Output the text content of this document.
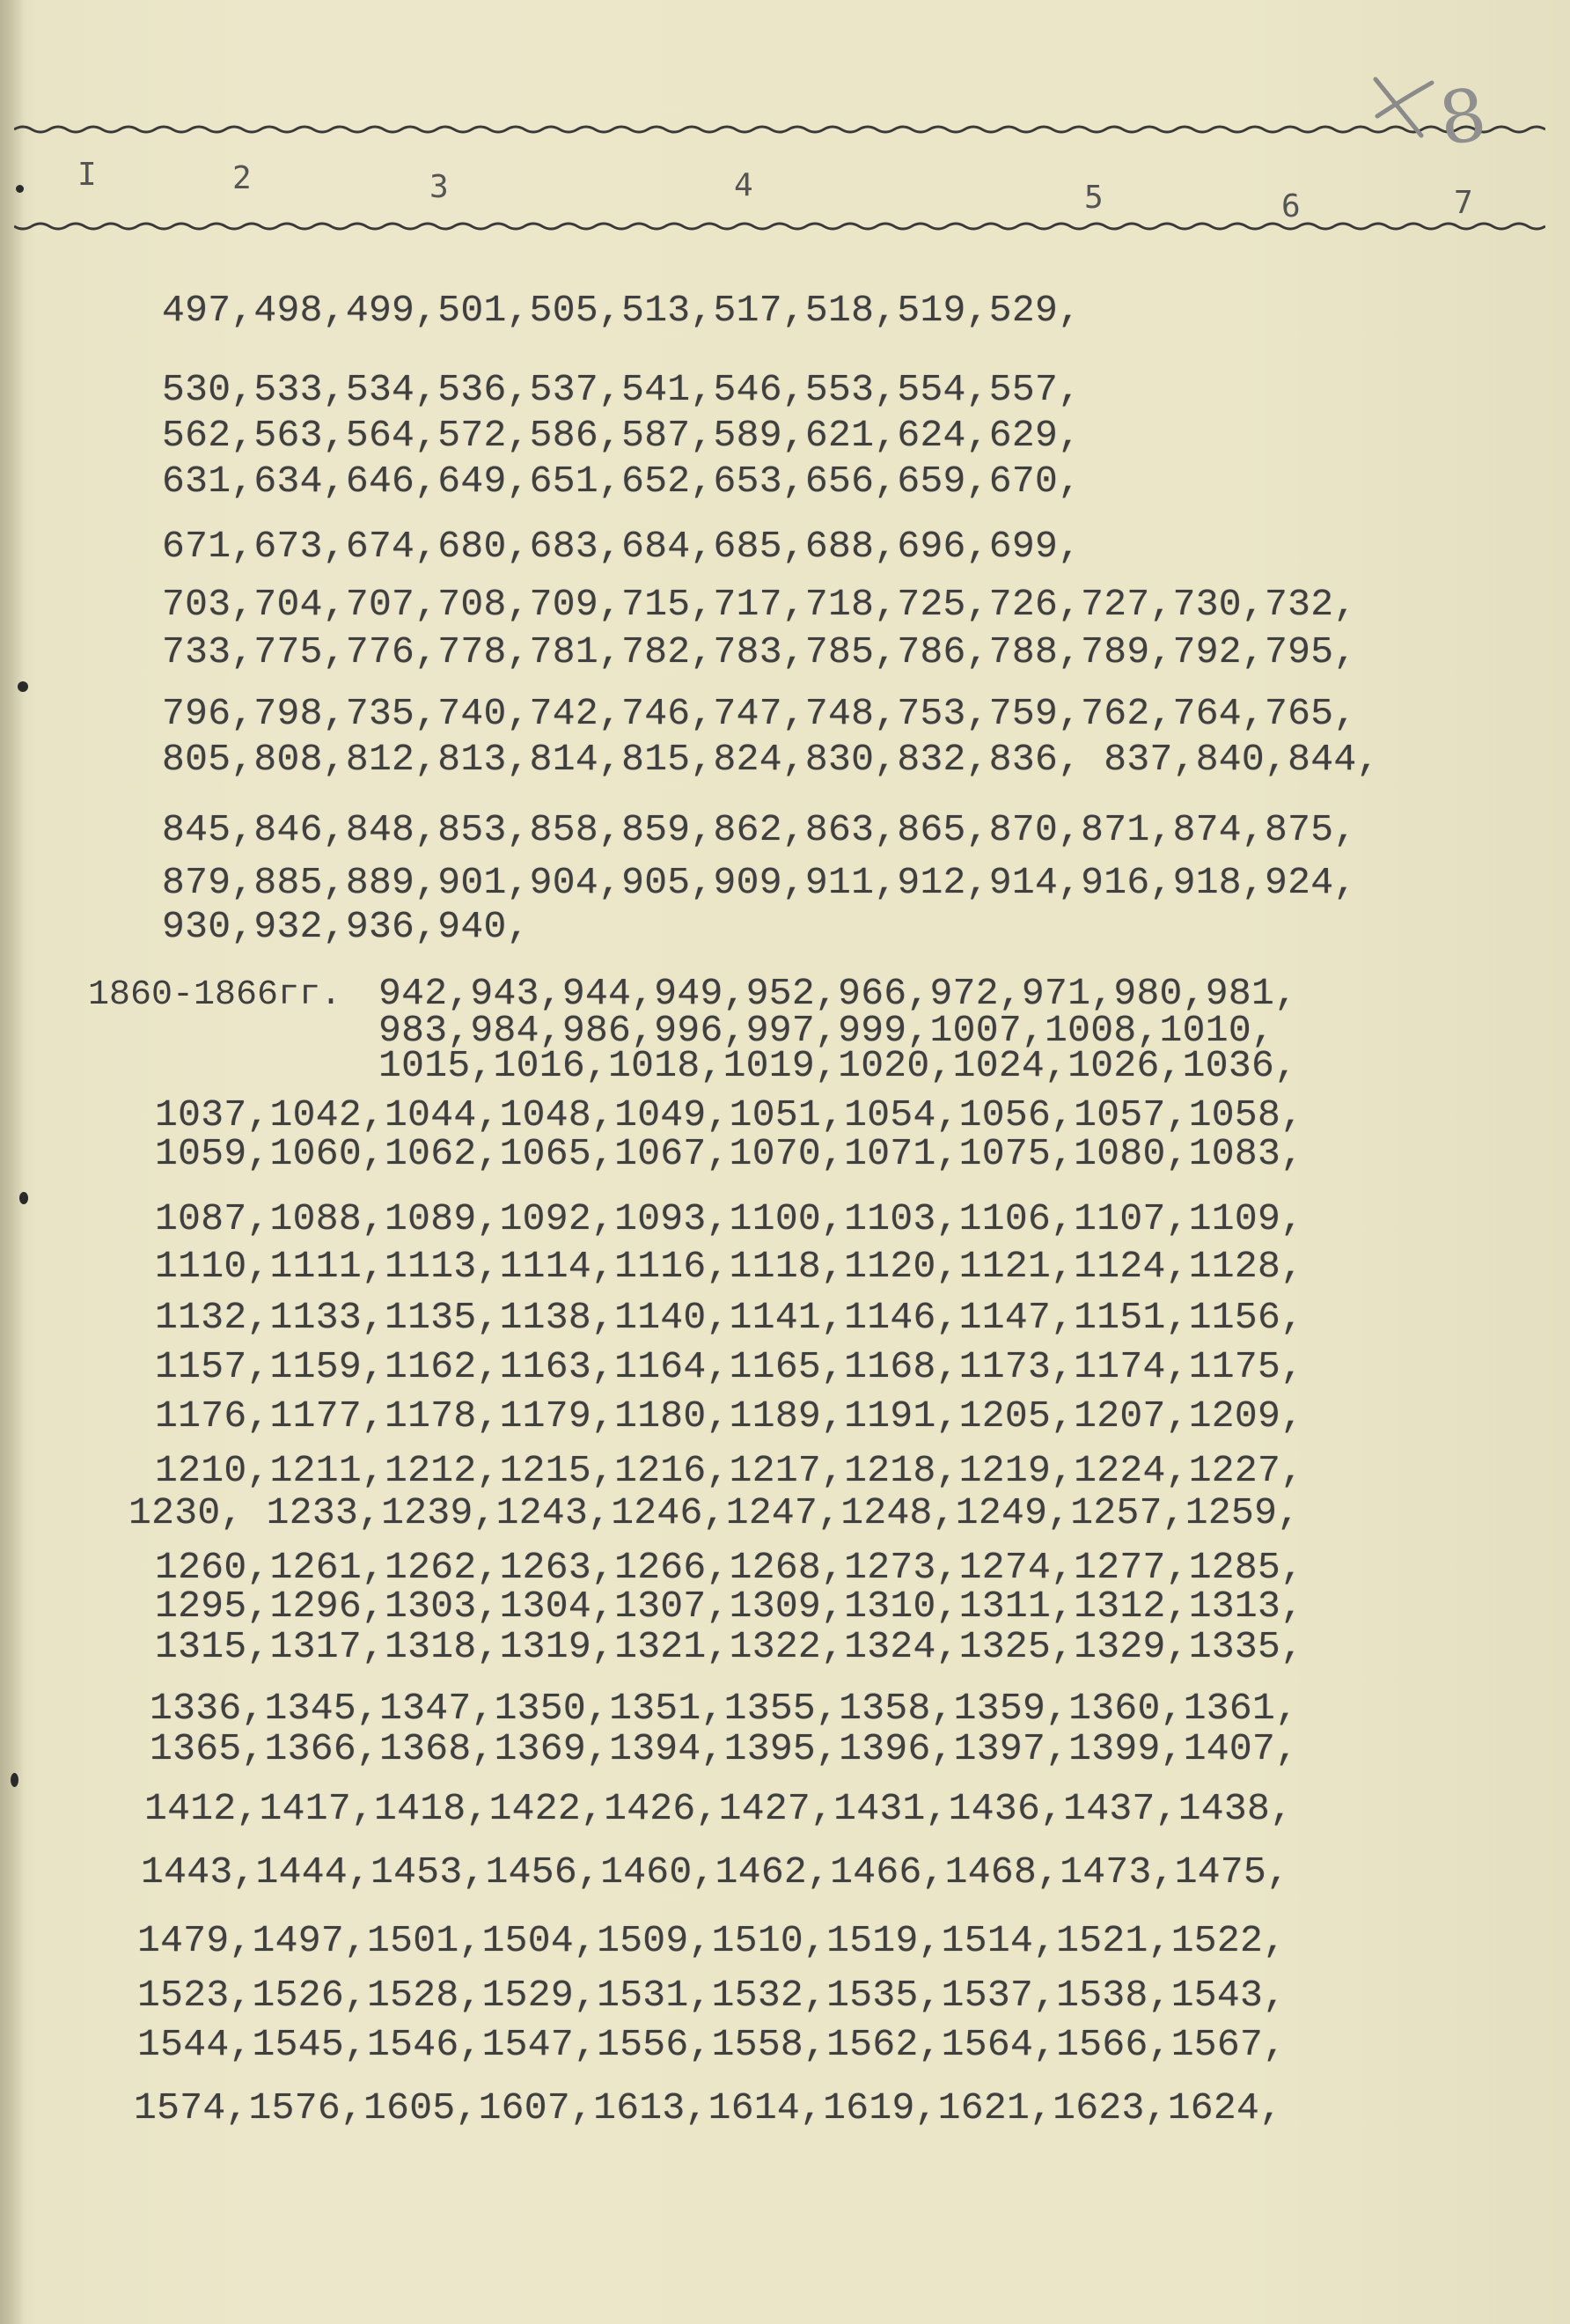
I	2	3	4	5	6	7
8
497,498,499,501,505,513,517,518,519,529,
530,533,534,536,537,541,546,553,554,557,
562,563,564,572,586,587,589,621,624,629,
631,634,646,649,651,652,653,656,659,670,
671,673,674,680,683,684,685,688,696,699,
703,704,707,708,709,715,717,718,725,726,727,730,732,
733,775,776,778,781,782,783,785,786,788,789,792,795,
796,798,735,740,742,746,747,748,753,759,762,764,765,
805,808,812,813,814,815,824,830,832,836, 837,840,844,
845,846,848,853,858,859,862,863,865,870,871,874,875,
879,885,889,901,904,905,909,911,912,914,916,918,924,
930,932,936,940,
1860-1866гг. 942,943,944,949,952,966,972,971,980,981,
983,984,986,996,997,999,1007,1008,1010,
1015,1016,1018,1019,1020,1024,1026,1036,
1037,1042,1044,1048,1049,1051,1054,1056,1057,1058,
1059,1060,1062,1065,1067,1070,1071,1075,1080,1083,
1087,1088,1089,1092,1093,1100,1103,1106,1107,1109,
1110,1111,1113,1114,1116,1118,1120,1121,1124,1128,
1132,1133,1135,1138,1140,1141,1146,1147,1151,1156,
1157,1159,1162,1163,1164,1165,1168,1173,1174,1175,
1176,1177,1178,1179,1180,1189,1191,1205,1207,1209,
1210,1211,1212,1215,1216,1217,1218,1219,1224,1227,
1230, 1233,1239,1243,1246,1247,1248,1249,1257,1259,
1260,1261,1262,1263,1266,1268,1273,1274,1277,1285,
1295,1296,1303,1304,1307,1309,1310,1311,1312,1313,
1315,1317,1318,1319,1321,1322,1324,1325,1329,1335,
1336,1345,1347,1350,1351,1355,1358,1359,1360,1361,
1365,1366,1368,1369,1394,1395,1396,1397,1399,1407,
1412,1417,1418,1422,1426,1427,1431,1436,1437,1438,
1443,1444,1453,1456,1460,1462,1466,1468,1473,1475,
1479,1497,1501,1504,1509,1510,1519,1514,1521,1522,
1523,1526,1528,1529,1531,1532,1535,1537,1538,1543,
1544,1545,1546,1547,1556,1558,1562,1564,1566,1567,
1574,1576,1605,1607,1613,1614,1619,1621,1623,1624,
